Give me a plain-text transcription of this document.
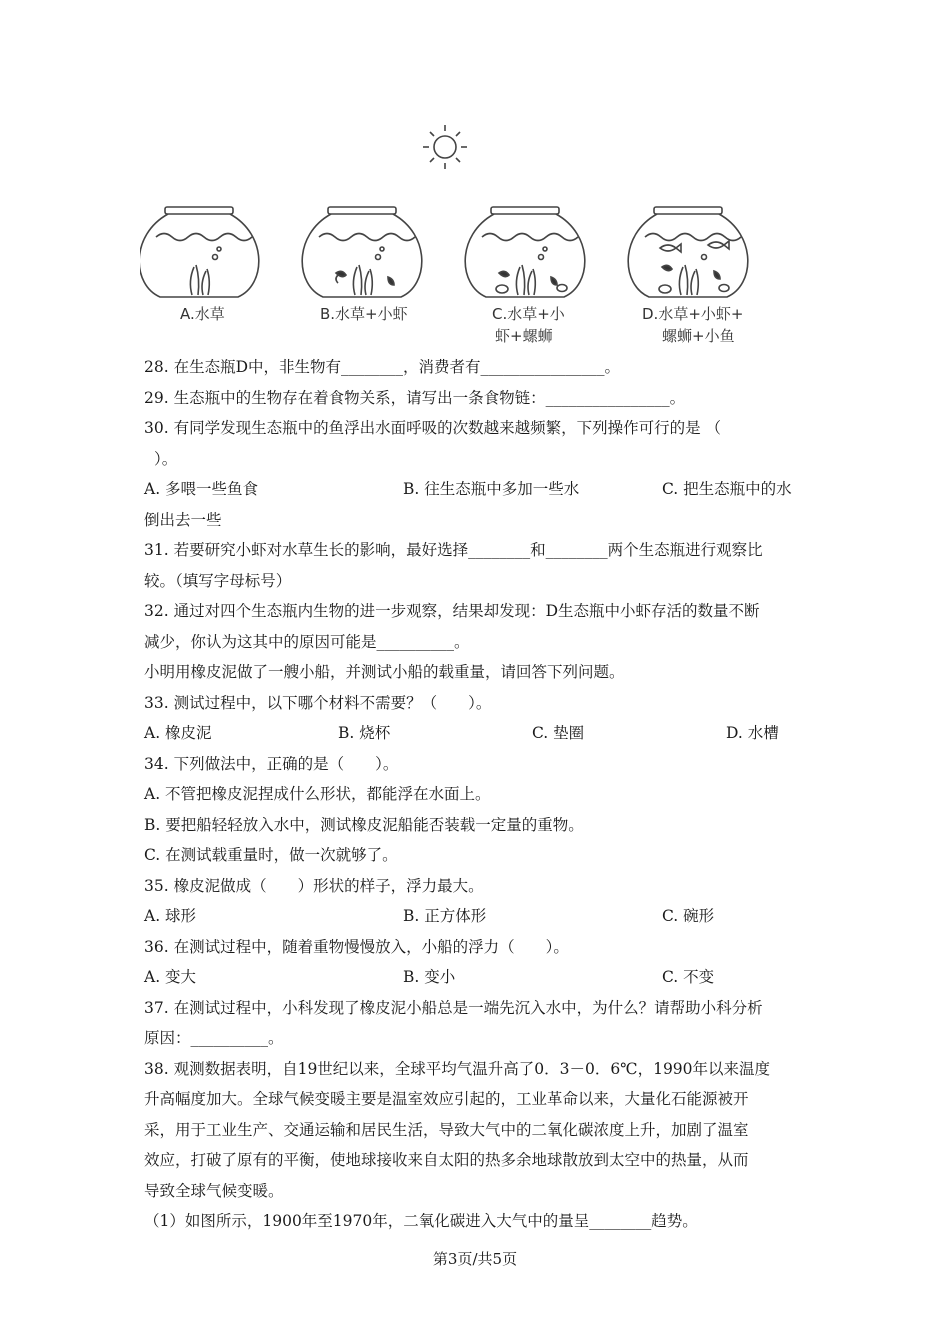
A.水草	B.水草+小虾	C.水草+小
虾+螺蛳
D.水草+小虾+
螺蛳+小鱼
28. 在生态瓶D中，非生物有________，消费者有________________。
29. 生态瓶中的生物存在着食物关系，请写出一条食物链：________________。
30. 有同学发现生态瓶中的鱼浮出水面呼吸的次数越来越频繁，下列操作可行的是 （
）。
A. 多喂一些鱼食	B. 往生态瓶中多加一些水	C. 把生态瓶中的水
倒出去一些
31. 若要研究小虾对水草生长的影响，最好选择________和________两个生态瓶进行观察比
较。（填写字母标号）
32. 通过对四个生态瓶内生物的进一步观察，结果却发现：D生态瓶中小虾存活的数量不断
减少，你认为这其中的原因可能是__________。
小明用橡皮泥做了一艘小船，并测试小船的载重量，请回答下列问题。
33. 测试过程中，以下哪个材料不需要？（　　）。
A. 橡皮泥	B. 烧杯	C. 垫圈	D. 水槽
34. 下列做法中，正确的是（　　）。
A. 不管把橡皮泥捏成什么形状，都能浮在水面上。
B. 要把船轻轻放入水中，测试橡皮泥船能否装载一定量的重物。
C. 在测试载重量时，做一次就够了。
35. 橡皮泥做成（　　）形状的样子，浮力最大。
A. 球形	B. 正方体形	C. 碗形
36. 在测试过程中，随着重物慢慢放入，小船的浮力（　　）。
A. 变大	B. 变小	C. 不变
37. 在测试过程中，小科发现了橡皮泥小船总是一端先沉入水中，为什么？请帮助小科分析
原因：__________。
38. 观测数据表明，自19世纪以来，全球平均气温升高了0．3－0．6℃，1990年以来温度
升高幅度加大。全球气候变暖主要是温室效应引起的，工业革命以来，大量化石能源被开
采，用于工业生产、交通运输和居民生活，导致大气中的二氧化碳浓度上升，加剧了温室
效应，打破了原有的平衡，使地球接收来自太阳的热多余地球散放到太空中的热量，从而
导致全球气候变暖。
（1）如图所示，1900年至1970年，二氧化碳进入大气中的量呈________趋势。
第3页/共5页
